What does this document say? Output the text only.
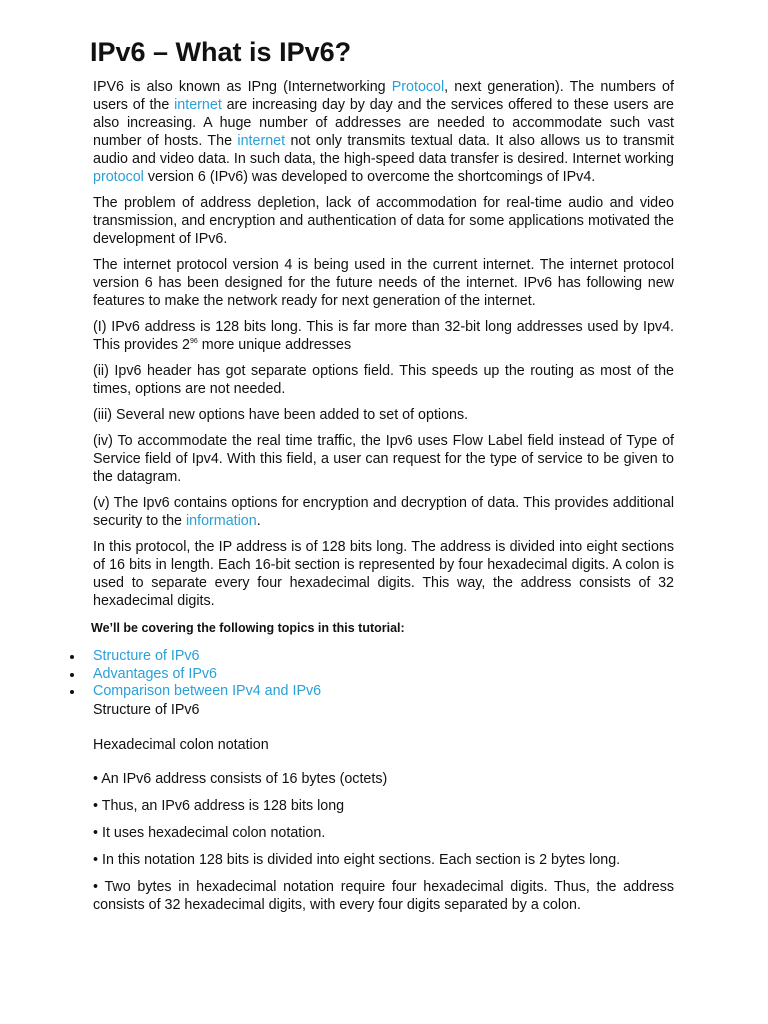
IPv6 – What is IPv6?

IPV6 is also known as IPng (Internetworking Protocol, next generation). The numbers of users of the internet are increasing day by day and the services offered to these users are also increasing. A huge number of addresses are needed to accommodate such vast number of hosts. The internet not only transmits textual data. It also allows us to transmit audio and video data. In such data, the high-speed data transfer is desired. Internet working protocol version 6 (IPv6) was developed to overcome the shortcomings of IPv4.

The problem of address depletion, lack of accommodation for real-time audio and video transmission, and encryption and authentication of data for some applications motivated the development of IPv6.

The internet protocol version 4 is being used in the current internet. The internet protocol version 6 has been designed for the future needs of the internet. IPv6 has following new features to make the network ready for next generation of the internet.

(I) IPv6 address is 128 bits long. This is far more than 32-bit long addresses used by Ipv4. This provides $2^{96}$ more unique addresses

(ii) Ipv6 header has got separate options field. This speeds up the routing as most of the times, options are not needed.

(iii) Several new options have been added to set of options.

(iv) To accommodate the real time traffic, the Ipv6 uses Flow Label field instead of Type of Service field of Ipv4. With this field, a user can request for the type of service to be given to the datagram.

(v) The Ipv6 contains options for encryption and decryption of data. This provides additional security to the information.

In this protocol, the IP address is of 128 bits long. The address is divided into eight sections of 16 bits in length. Each 16-bit section is represented by four hexadecimal digits. A colon is used to separate every four hexadecimal digits. This way, the address consists of 32 hexadecimal digits.

We’ll be covering the following topics in this tutorial:
Structure of IPv6
Advantages of IPv6
Comparison between IPv4 and IPv6
Structure of IPv6
Hexadecimal colon notation

• An IPv6 address consists of 16 bytes (octets)

• Thus, an IPv6 address is 128 bits long

• It uses hexadecimal colon notation.

• In this notation 128 bits is divided into eight sections. Each section is 2 bytes long.

• Two bytes in hexadecimal notation require four hexadecimal digits. Thus, the address consists of 32 hexadecimal digits, with every four digits separated by a colon.
